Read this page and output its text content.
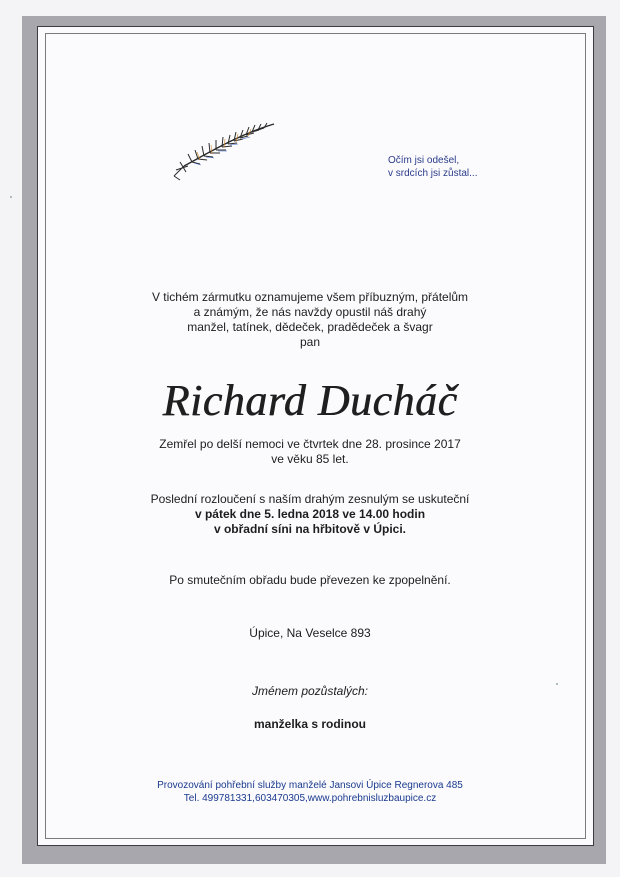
Očím jsi odešel,
v srdcích jsi zůstal...
V tichém zármutku oznamujeme všem příbuzným, přátelům
a známým, že nás navždy opustil náš drahý
manžel, tatínek, dědeček, pradědeček a švagr
pan
Richard Ducháč
Zemřel po delší nemoci ve čtvrtek dne 28. prosince 2017
ve věku 85 let.
Poslední rozloučení s naším drahým zesnulým se uskuteční
v pátek dne 5. ledna 2018 ve 14.00 hodin
v obřadní síni na hřbitově v Úpici.
Po smutečním obřadu bude převezen ke zpopelnění.
Úpice, Na Veselce 893
Jménem pozůstalých:
manželka s rodinou
Provozování pohřební služby manželé Jansovi Úpice Regnerova 485
Tel. 499781331,603470305,www.pohrebnisluzbaupice.cz
